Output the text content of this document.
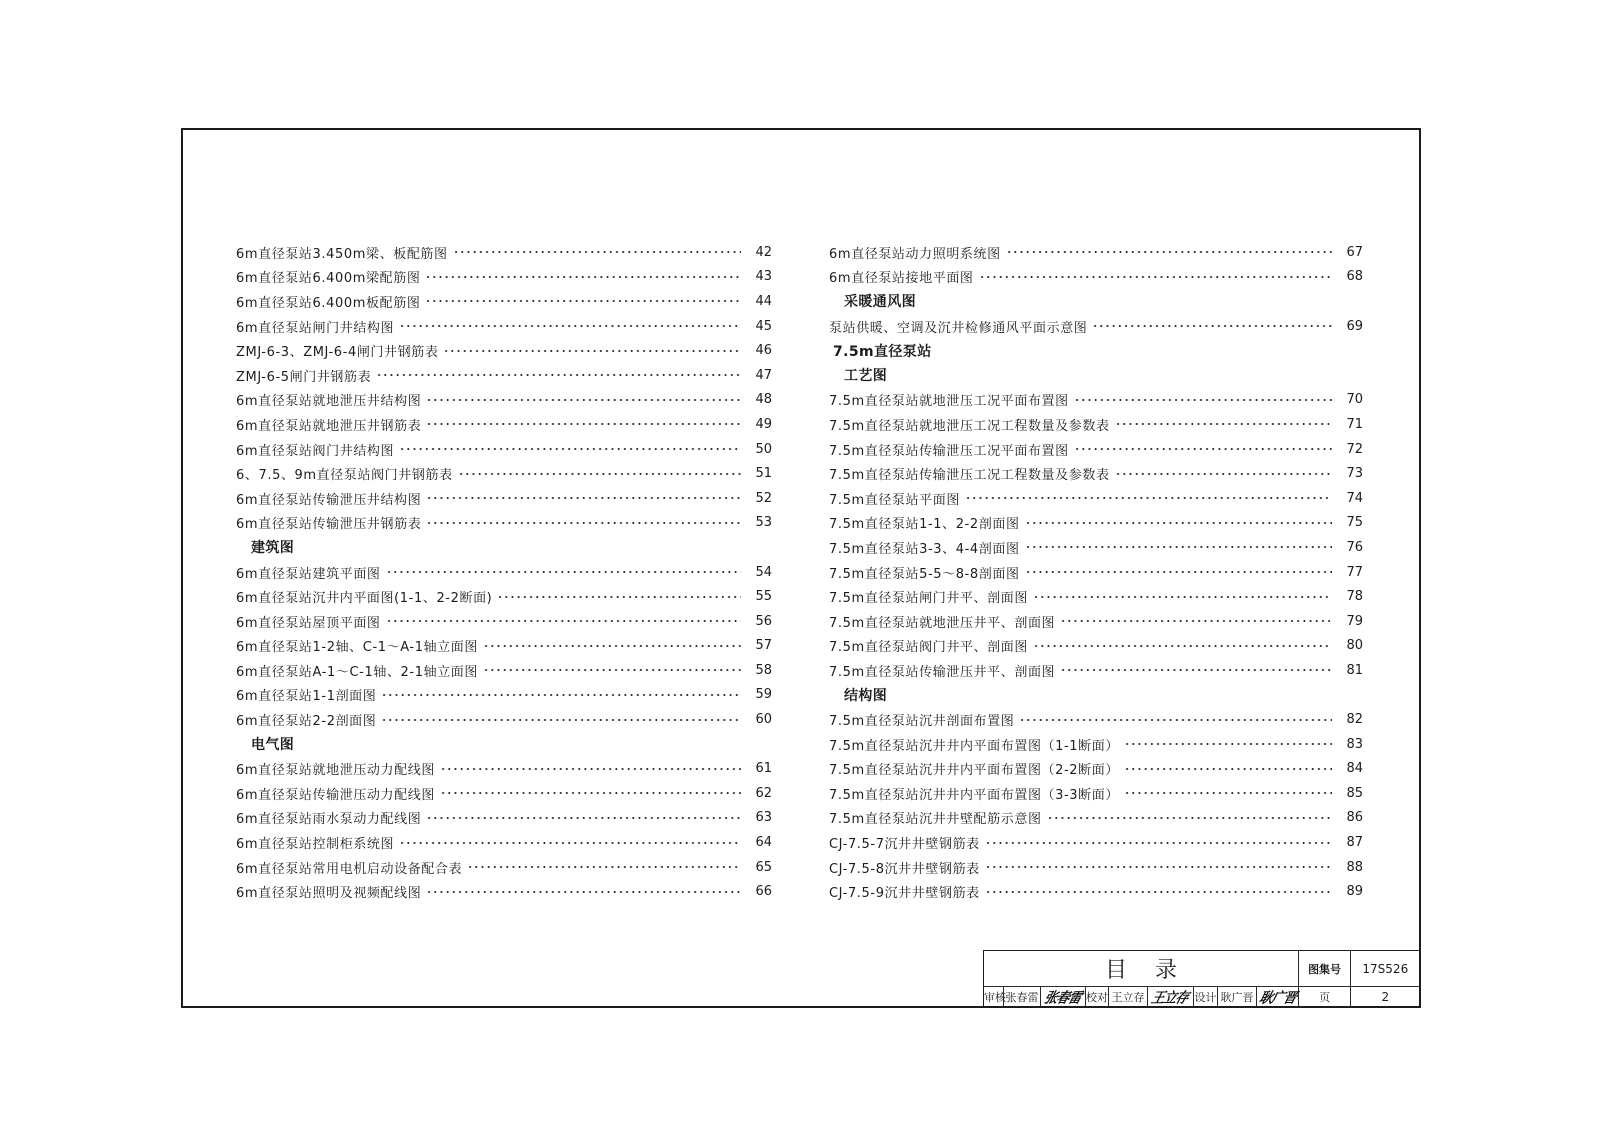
6m直径泵站3.450m梁、板配筋图	42
6m直径泵站6.400m梁配筋图	43
6m直径泵站6.400m板配筋图	44
6m直径泵站闸门井结构图	45
ZMJ-6-3、ZMJ-6-4闸门井钢筋表	46
ZMJ-6-5闸门井钢筋表	47
6m直径泵站就地泄压井结构图	48
6m直径泵站就地泄压井钢筋表	49
6m直径泵站阀门井结构图	50
6、7.5、9m直径泵站阀门井钢筋表	51
6m直径泵站传输泄压井结构图	52
6m直径泵站传输泄压井钢筋表	53
建筑图
6m直径泵站建筑平面图	54
6m直径泵站沉井内平面图(1-1、2-2断面)	55
6m直径泵站屋顶平面图	56
6m直径泵站1-2轴、C-1～A-1轴立面图	57
6m直径泵站A-1～C-1轴、2-1轴立面图	58
6m直径泵站1-1剖面图	59
6m直径泵站2-2剖面图	60
电气图
6m直径泵站就地泄压动力配线图	61
6m直径泵站传输泄压动力配线图	62
6m直径泵站雨水泵动力配线图	63
6m直径泵站控制柜系统图	64
6m直径泵站常用电机启动设备配合表	65
6m直径泵站照明及视频配线图	66
6m直径泵站动力照明系统图	67
6m直径泵站接地平面图	68
采暖通风图
泵站供暖、空调及沉井检修通风平面示意图	69
7.5m直径泵站
工艺图
7.5m直径泵站就地泄压工况平面布置图	70
7.5m直径泵站就地泄压工况工程数量及参数表	71
7.5m直径泵站传输泄压工况平面布置图	72
7.5m直径泵站传输泄压工况工程数量及参数表	73
7.5m直径泵站平面图	74
7.5m直径泵站1-1、2-2剖面图	75
7.5m直径泵站3-3、4-4剖面图	76
7.5m直径泵站5-5～8-8剖面图	77
7.5m直径泵站闸门井平、剖面图	78
7.5m直径泵站就地泄压井平、剖面图	79
7.5m直径泵站阀门井平、剖面图	80
7.5m直径泵站传输泄压井平、剖面图	81
结构图
7.5m直径泵站沉井剖面布置图	82
7.5m直径泵站沉井井内平面布置图（1-1断面）	83
7.5m直径泵站沉井井内平面布置图（2-2断面）	84
7.5m直径泵站沉井井内平面布置图（3-3断面）	85
7.5m直径泵站沉井井壁配筋示意图	86
CJ-7.5-7沉井井壁钢筋表	87
CJ-7.5-8沉井井壁钢筋表	88
CJ-7.5-9沉井井壁钢筋表	89
目录									图集号	17S526
审核	张春雷	张春雷	校对	王立存	王立存	设计	耿广晋	耿广晋	页	2
